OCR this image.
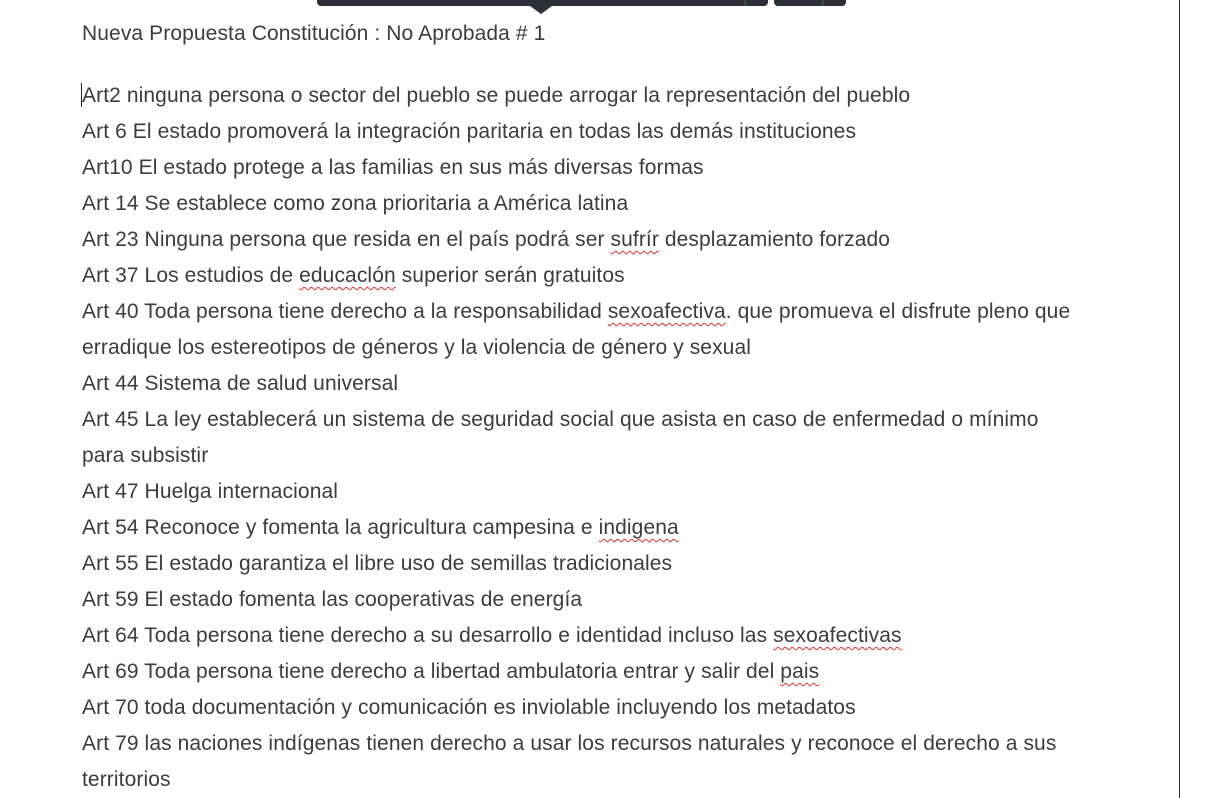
Nueva Propuesta Constitución : No Aprobada # 1

Art2 ninguna persona o sector del pueblo se puede arrogar la representación del pueblo

Art 6 El estado promoverá la integración paritaria en todas las demás instituciones

Art10 El estado protege a las familias en sus más diversas formas

Art 14 Se establece como zona prioritaria a América latina

Art 23 Ninguna persona que resida en el país podrá ser sufrír desplazamiento forzado

Art 37 Los estudios de educaclón superior serán gratuitos

Art 40 Toda persona tiene derecho a la responsabilidad sexoafectiva. que promueva el disfrute pleno que erradique los estereotipos de géneros y la violencia de género y sexual

Art 44 Sistema de salud universal

Art 45 La ley establecerá un sistema de seguridad social que asista en caso de enfermedad o mínimo para subsistir

Art 47 Huelga internacional

Art 54 Reconoce y fomenta la agricultura campesina e indigena

Art 55 El estado garantiza el libre uso de semillas tradicionales

Art 59 El estado fomenta las cooperativas de energía

Art 64 Toda persona tiene derecho a su desarrollo e identidad incluso las sexoafectivas

Art 69 Toda persona tiene derecho a libertad ambulatoria entrar y salir del pais

Art 70 toda documentación y comunicación es inviolable incluyendo los metadatos

Art 79 las naciones indígenas tienen derecho a usar los recursos naturales y reconoce el derecho a sus territorios
